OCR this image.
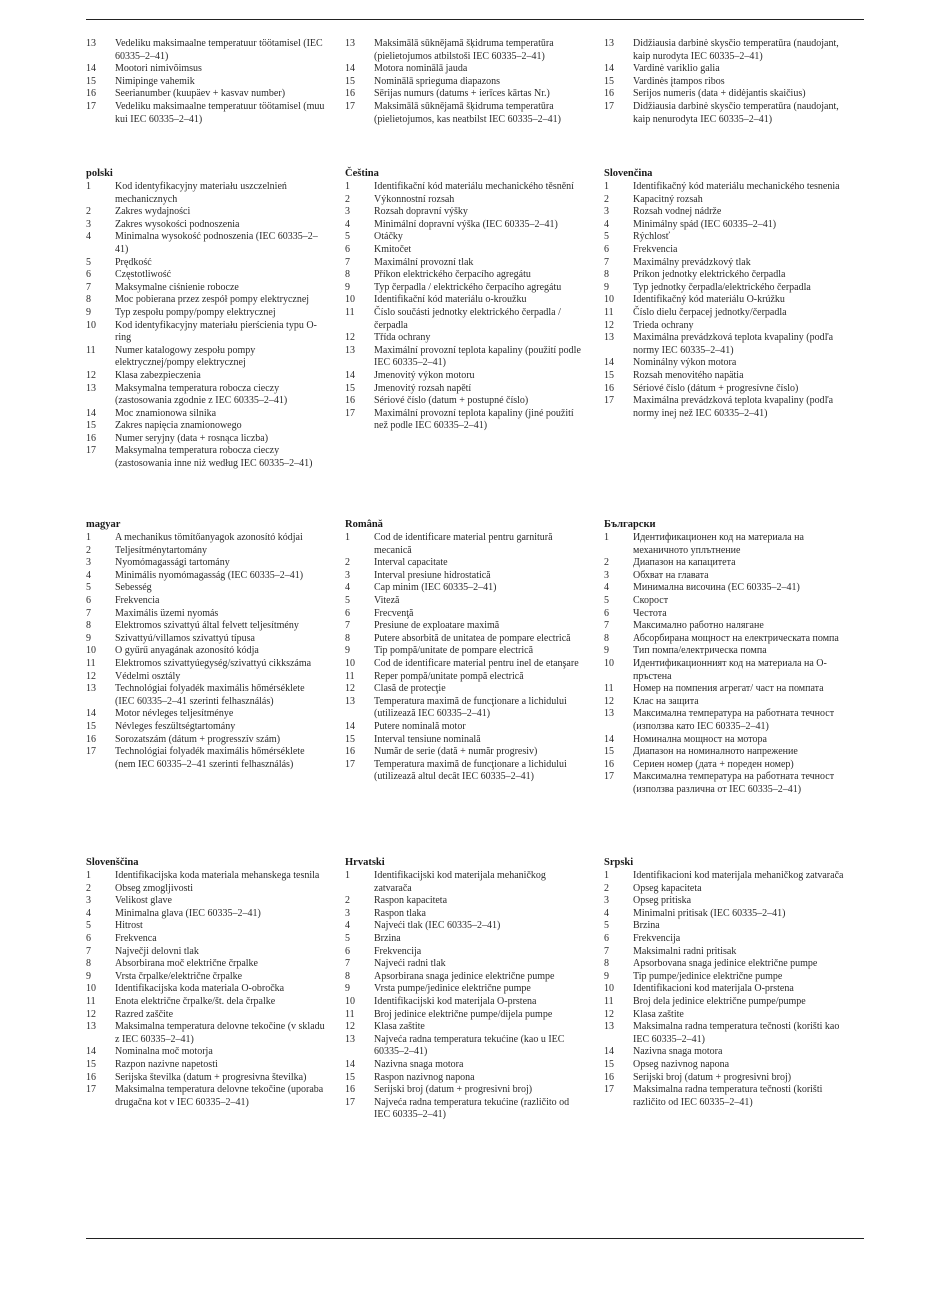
13 Vedeliku maksimaalne temperatuur töötamisel (IEC 60335–2–41)
14 Mootori nimivõimsus
15 Nimipinge vahemik
16 Seerianumber (kuupäev + kasvav number)
17 Vedeliku maksimaalne temperatuur töötamisel (muu kui IEC 60335–2–41)
13 Maksimālā sūknējamā šķidruma temperatūra (pielietojumos atbilstoši IEC 60335–2–41)
14 Motora nominālā jauda
15 Nominālā sprieguma diapazons
16 Sērijas numurs (datums + ierīces kārtas Nr.)
17 Maksimālā sūknējamā šķidruma temperatūra (pielietojumos, kas neatbilst IEC 60335–2–41)
13 Didžiausia darbinė skysčio temperatūra (naudojant, kaip nurodyta IEC 60335–2–41)
14 Vardinė variklio galia
15 Vardinės įtampos ribos
16 Serijos numeris (data + didėjantis skaičius)
17 Didžiausia darbinė skysčio temperatūra (naudojant, kaip nenurodyta IEC 60335–2–41)
polski
1 Kod identyfikacyjny materiału uszczelnień mechanicznych
2 Zakres wydajności
3 Zakres wysokości podnoszenia
4 Minimalna wysokość podnoszenia (IEC 60335–2–41)
5 Prędkość
6 Częstotliwość
7 Maksymalne ciśnienie robocze
8 Moc pobierana przez zespół pompy elektrycznej
9 Typ zespołu pompy/pompy elektrycznej
10 Kod identyfikacyjny materiału pierścienia typu O-ring
11 Numer katalogowy zespołu pompy elektrycznej/pompy elektrycznej
12 Klasa zabezpieczenia
13 Maksymalna temperatura robocza cieczy (zastosowania zgodnie z IEC 60335–2–41)
14 Moc znamionowa silnika
15 Zakres napięcia znamionowego
16 Numer seryjny (data + rosnąca liczba)
17 Maksymalna temperatura robocza cieczy (zastosowania inne niż według IEC 60335–2–41)
Čeština
1 Identifikační kód materiálu mechanického těsnění
2 Výkonnostní rozsah
3 Rozsah dopravní výšky
4 Minimální dopravní výška (IEC 60335–2–41)
5 Otáčky
6 Kmitočet
7 Maximální provozní tlak
8 Příkon elektrického čerpacího agregátu
9 Typ čerpadla / elektrického čerpacího agregátu
10 Identifikační kód materiálu o-kroužku
11 Číslo součásti jednotky elektrického čerpadla / čerpadla
12 Třída ochrany
13 Maximální provozní teplota kapaliny (použití podle IEC 60335–2–41)
14 Jmenovitý výkon motoru
15 Jmenovitý rozsah napětí
16 Sériové číslo (datum + postupné číslo)
17 Maximální provozní teplota kapaliny (jiné použití než podle IEC 60335–2–41)
Slovenčina
1 Identifikačný kód materiálu mechanického tesnenia
2 Kapacitný rozsah
3 Rozsah vodnej nádrže
4 Minimálny spád (IEC 60335–2–41)
5 Rýchlosť
6 Frekvencia
7 Maximálny prevádzkový tlak
8 Príkon jednotky elektrického čerpadla
9 Typ jednotky čerpadla/elektrického čerpadla
10 Identifikačný kód materiálu O-krúžku
11 Číslo dielu čerpacej jednotky/čerpadla
12 Trieda ochrany
13 Maximálna prevádzková teplota kvapaliny (podľa normy IEC 60335–2–41)
14 Nominálny výkon motora
15 Rozsah menovitého napätia
16 Sériové číslo (dátum + progresívne číslo)
17 Maximálna prevádzková teplota kvapaliny (podľa normy inej než IEC 60335–2–41)
magyar
1 A mechanikus tömítőanyagok azonosító kódjai
2 Teljesítménytartomány
3 Nyomómagassági tartomány
4 Minimális nyomómagasság (IEC 60335–2–41)
5 Sebesség
6 Frekvencia
7 Maximális üzemi nyomás
8 Elektromos szivattyú által felvett teljesítmény
9 Szivattyú/villamos szivattyú típusa
10 O gyűrű anyagának azonosító kódja
11 Elektromos szivattyúegység/szivattyú cikkszáma
12 Védelmi osztály
13 Technológiai folyadék maximális hőmérséklete (IEC 60335–2–41 szerinti felhasználás)
14 Motor névleges teljesítménye
15 Névleges feszültségtartomány
16 Sorozatszám (dátum + progresszív szám)
17 Technológiai folyadék maximális hőmérséklete (nem IEC 60335–2–41 szerinti felhasználás)
Română
1 Cod de identificare material pentru garnitură mecanică
2 Interval capacitate
3 Interval presiune hidrostatică
4 Cap minim (IEC 60335–2–41)
5 Viteză
6 Frecvenţă
7 Presiune de exploatare maximă
8 Putere absorbită de unitatea de pompare electrică
9 Tip pompă/unitate de pompare electrică
10 Cod de identificare material pentru inel de etanşare
11 Reper pompă/unitate pompă electrică
12 Clasă de protecţie
13 Temperatura maximă de funcţionare a lichidului (utilizează IEC 60335–2–41)
14 Putere nominală motor
15 Interval tensiune nominală
16 Număr de serie (dată + număr progresiv)
17 Temperatura maximă de funcţionare a lichidului (utilizează altul decât IEC 60335–2–41)
Български
1 Идентификационен код на материала на механичното уплътнение
2 Диапазон на капацитета
3 Обхват на главата
4 Минимална височина (ЕС 60335–2–41)
5 Скорост
6 Честота
7 Максимално работно налягане
8 Абсорбирана мощност на електрическата помпа
9 Тип помпа/електрическа помпа
10 Идентификационният код на материала на О-пръстена
11 Номер на помпения агрегат/ част на помпата
12 Клас на защита
13 Максимална температура на работната течност (използва като IEC 60335–2–41)
14 Номинална мощност на мотора
15 Диапазон на номиналното напрежение
16 Сериен номер (дата + пореден номер)
17 Максимална температура на работната течност (използва различна от IEC 60335–2–41)
Slovenščina
1 Identifikacijska koda materiala mehanskega tesnila
2 Obseg zmogljivosti
3 Velikost glave
4 Minimalna glava (IEC 60335–2–41)
5 Hitrost
6 Frekvenca
7 Največji delovni tlak
8 Absorbirana moč električne črpalke
9 Vrsta črpalke/električne črpalke
10 Identifikacijska koda materiala O-obročka
11 Enota električne črpalke/št. dela črpalke
12 Razred zaščite
13 Maksimalna temperatura delovne tekočine (v skladu z IEC 60335–2–41)
14 Nominalna moč motorja
15 Razpon nazivne napetosti
16 Serijska številka (datum + progresivna številka)
17 Maksimalna temperatura delovne tekočine (uporaba drugačna kot v IEC 60335–2–41)
Hrvatski
1 Identifikacijski kod materijala mehaničkog zatvarača
2 Raspon kapaciteta
3 Raspon tlaka
4 Najveći tlak (IEC 60335–2–41)
5 Brzina
6 Frekvencija
7 Najveći radni tlak
8 Apsorbirana snaga jedinice električne pumpe
9 Vrsta pumpe/jedinice električne pumpe
10 Identifikacijski kod materijala O-prstena
11 Broj jedinice električne pumpe/dijela pumpe
12 Klasa zaštite
13 Najveća radna temperatura tekućine (kao u IEC 60335–2–41)
14 Nazivna snaga motora
15 Raspon nazivnog napona
16 Serijski broj (datum + progresivni broj)
17 Najveća radna temperatura tekućine (različito od IEC 60335–2–41)
Srpski
1 Identifikacioni kod materijala mehaničkog zatvarača
2 Opseg kapaciteta
3 Opseg pritiska
4 Minimalni pritisak (IEC 60335–2–41)
5 Brzina
6 Frekvencija
7 Maksimalni radni pritisak
8 Apsorbovana snaga jedinice električne pumpe
9 Tip pumpe/jedinice električne pumpe
10 Identifikacioni kod materijala O-prstena
11 Broj dela jedinice električne pumpe/pumpe
12 Klasa zaštite
13 Maksimalna radna temperatura tečnosti (korišti kao IEC 60335–2–41)
14 Nazivna snaga motora
15 Opseg nazivnog napona
16 Serijski broj (datum + progresivni broj)
17 Maksimalna radna temperatura tečnosti (korišti različito od IEC 60335–2–41)
